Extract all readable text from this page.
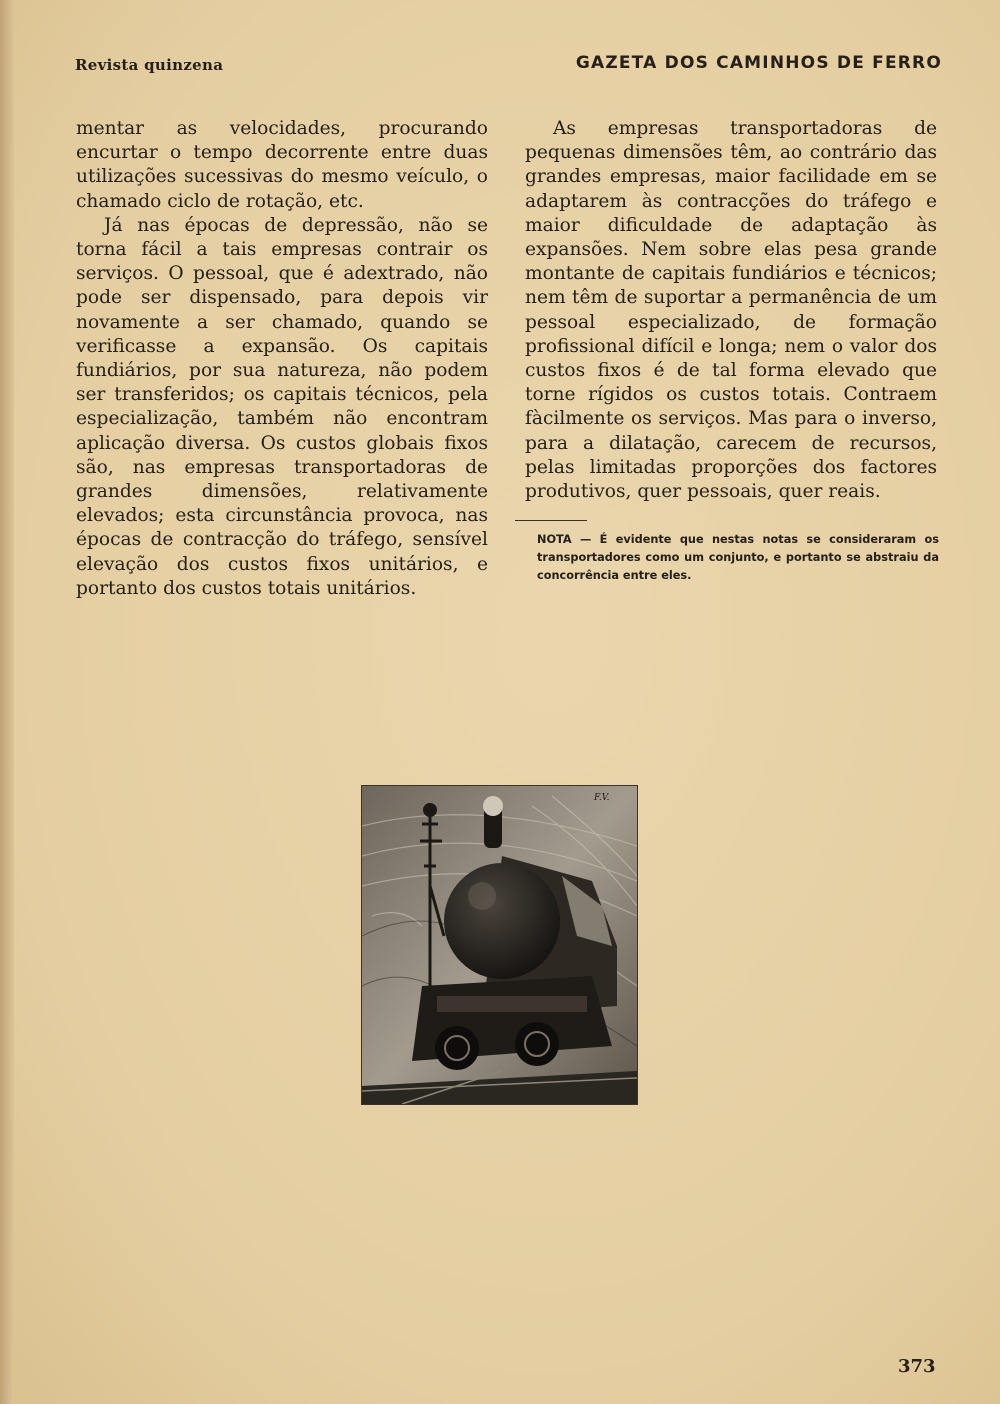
Revista quinzena	GAZETA DOS CAMINHOS DE FERRO

mentar as velocidades, procurando encurtar o tempo decorrente entre duas utilizações sucessivas do mesmo veículo, o chamado ciclo de rotação, etc.

Já nas épocas de depressão, não se torna fácil a tais empresas contrair os serviços. O pessoal, que é adextrado, não pode ser dispensado, para depois vir novamente a ser chamado, quando se verificasse a expansão. Os capitais fundiários, por sua natureza, não podem ser transferidos; os capitais técnicos, pela especialização, também não encontram aplicação diversa. Os custos globais fixos são, nas empresas transportadoras de grandes dimensões, relativamente elevados; esta circunstância provoca, nas épocas de contracção do tráfego, sensível elevação dos custos fixos unitários, e portanto dos custos totais unitários.

As empresas transportadoras de pequenas dimensões têm, ao contrário das grandes empresas, maior facilidade em se adaptarem às contracções do tráfego e maior dificuldade de adaptação às expansões. Nem sobre elas pesa grande montante de capitais fundiários e técnicos; nem têm de suportar a permanência de um pessoal especializado, de formação profissional difícil e longa; nem o valor dos custos fixos é de tal forma elevado que torne rígidos os custos totais. Contraem fàcilmente os serviços. Mas para o inverso, para a dilatação, carecem de recursos, pelas limitadas proporções dos factores produtivos, quer pessoais, quer reais.

NOTA — É evidente que nestas notas se consideraram os transportadores como um conjunto, e portanto se abstraiu da concorrência entre eles.
F.V.
373
